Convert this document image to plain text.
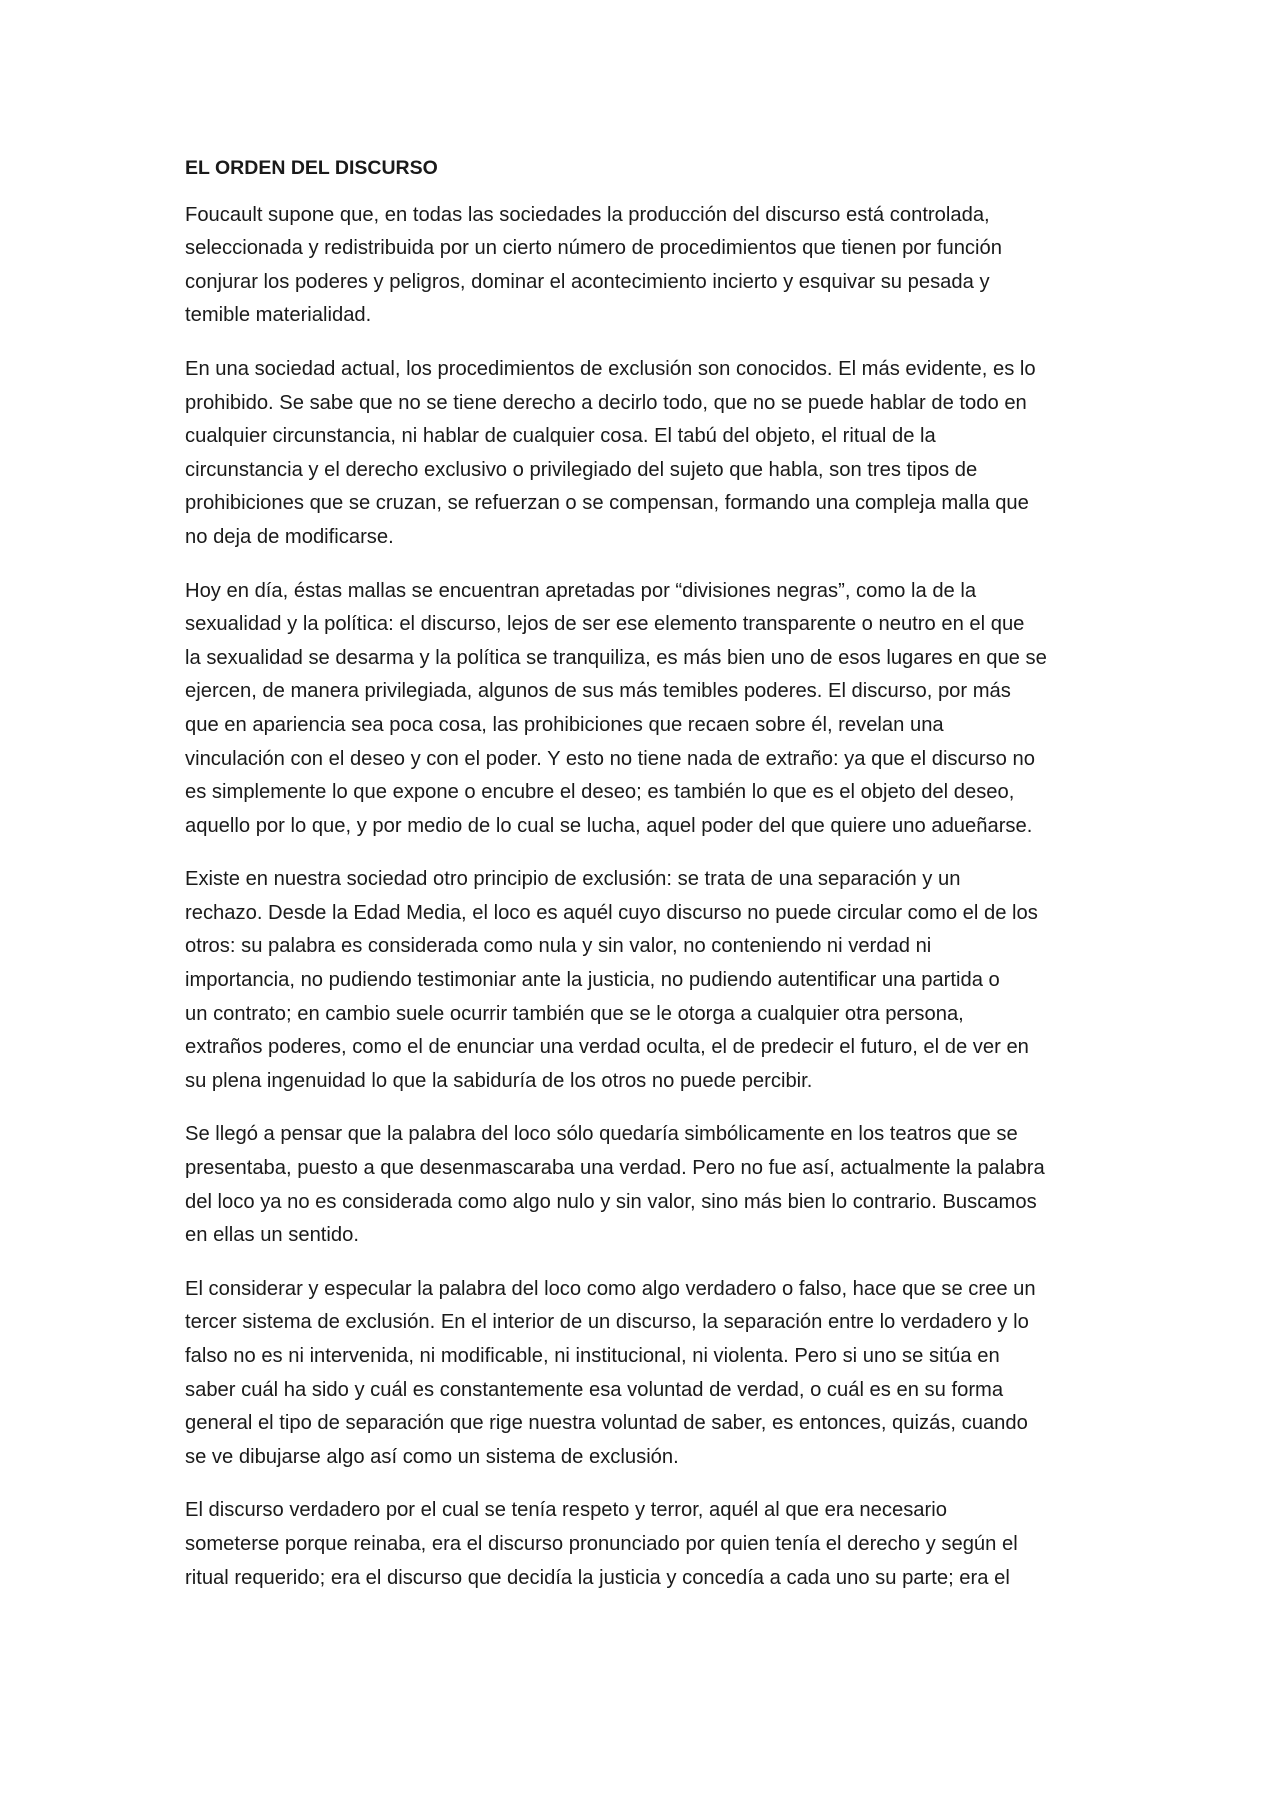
EL ORDEN DEL DISCURSO
Foucault supone que, en todas las sociedades la producción del discurso está controlada,
seleccionada y redistribuida por un cierto número de procedimientos que tienen por función
conjurar los poderes y peligros, dominar el acontecimiento incierto y esquivar su pesada y
temible materialidad.
En una sociedad actual, los procedimientos de exclusión son conocidos. El más evidente, es lo
prohibido. Se sabe que no se tiene derecho a decirlo todo, que no se puede hablar de todo en
cualquier circunstancia, ni hablar de cualquier cosa. El tabú del objeto, el ritual de la
circunstancia y el derecho exclusivo o privilegiado del sujeto que habla, son tres tipos de
prohibiciones que se cruzan, se refuerzan o se compensan, formando una compleja malla que
no deja de modificarse.
Hoy en día, éstas mallas se encuentran apretadas por “divisiones negras”, como la de la
sexualidad y la política: el discurso, lejos de ser ese elemento transparente o neutro en el que
la sexualidad se desarma y la política se tranquiliza, es más bien uno de esos lugares en que se
ejercen, de manera privilegiada, algunos de sus más temibles poderes. El discurso, por más
que en apariencia sea poca cosa, las prohibiciones que recaen sobre él, revelan una
vinculación con el deseo y con el poder. Y esto no tiene nada de extraño: ya que el discurso no
es simplemente lo que expone o encubre el deseo; es también lo que es el objeto del deseo,
aquello por lo que, y por medio de lo cual se lucha, aquel poder del que quiere uno adueñarse.
Existe en nuestra sociedad otro principio de exclusión: se trata de una separación y un
rechazo. Desde la Edad Media, el loco es aquél cuyo discurso no puede circular como el de los
otros: su palabra es considerada como nula y sin valor, no conteniendo ni verdad ni
importancia, no pudiendo testimoniar ante la justicia, no pudiendo autentificar una partida o
un contrato; en cambio suele ocurrir también que se le otorga a cualquier otra persona,
extraños poderes, como el de enunciar una verdad oculta, el de predecir el futuro, el de ver en
su plena ingenuidad lo que la sabiduría de los otros no puede percibir.
Se llegó a pensar que la palabra del loco sólo quedaría simbólicamente en los teatros que se
presentaba, puesto a que desenmascaraba una verdad. Pero no fue así, actualmente la palabra
del loco ya no es considerada como algo nulo y sin valor, sino más bien lo contrario. Buscamos
en ellas un sentido.
El considerar y especular la palabra del loco como algo verdadero o falso, hace que se cree un
tercer sistema de exclusión. En el interior de un discurso, la separación entre lo verdadero y lo
falso no es ni intervenida, ni modificable, ni institucional, ni violenta. Pero si uno se sitúa en
saber cuál ha sido y cuál es constantemente esa voluntad de verdad, o cuál es en su forma
general el tipo de separación que rige nuestra voluntad de saber, es entonces, quizás, cuando
se ve dibujarse algo así como un sistema de exclusión.
El discurso verdadero por el cual se tenía respeto y terror, aquél al que era necesario
someterse porque reinaba, era el discurso pronunciado por quien tenía el derecho y según el
ritual requerido; era el discurso que decidía la justicia y concedía a cada uno su parte; era el
